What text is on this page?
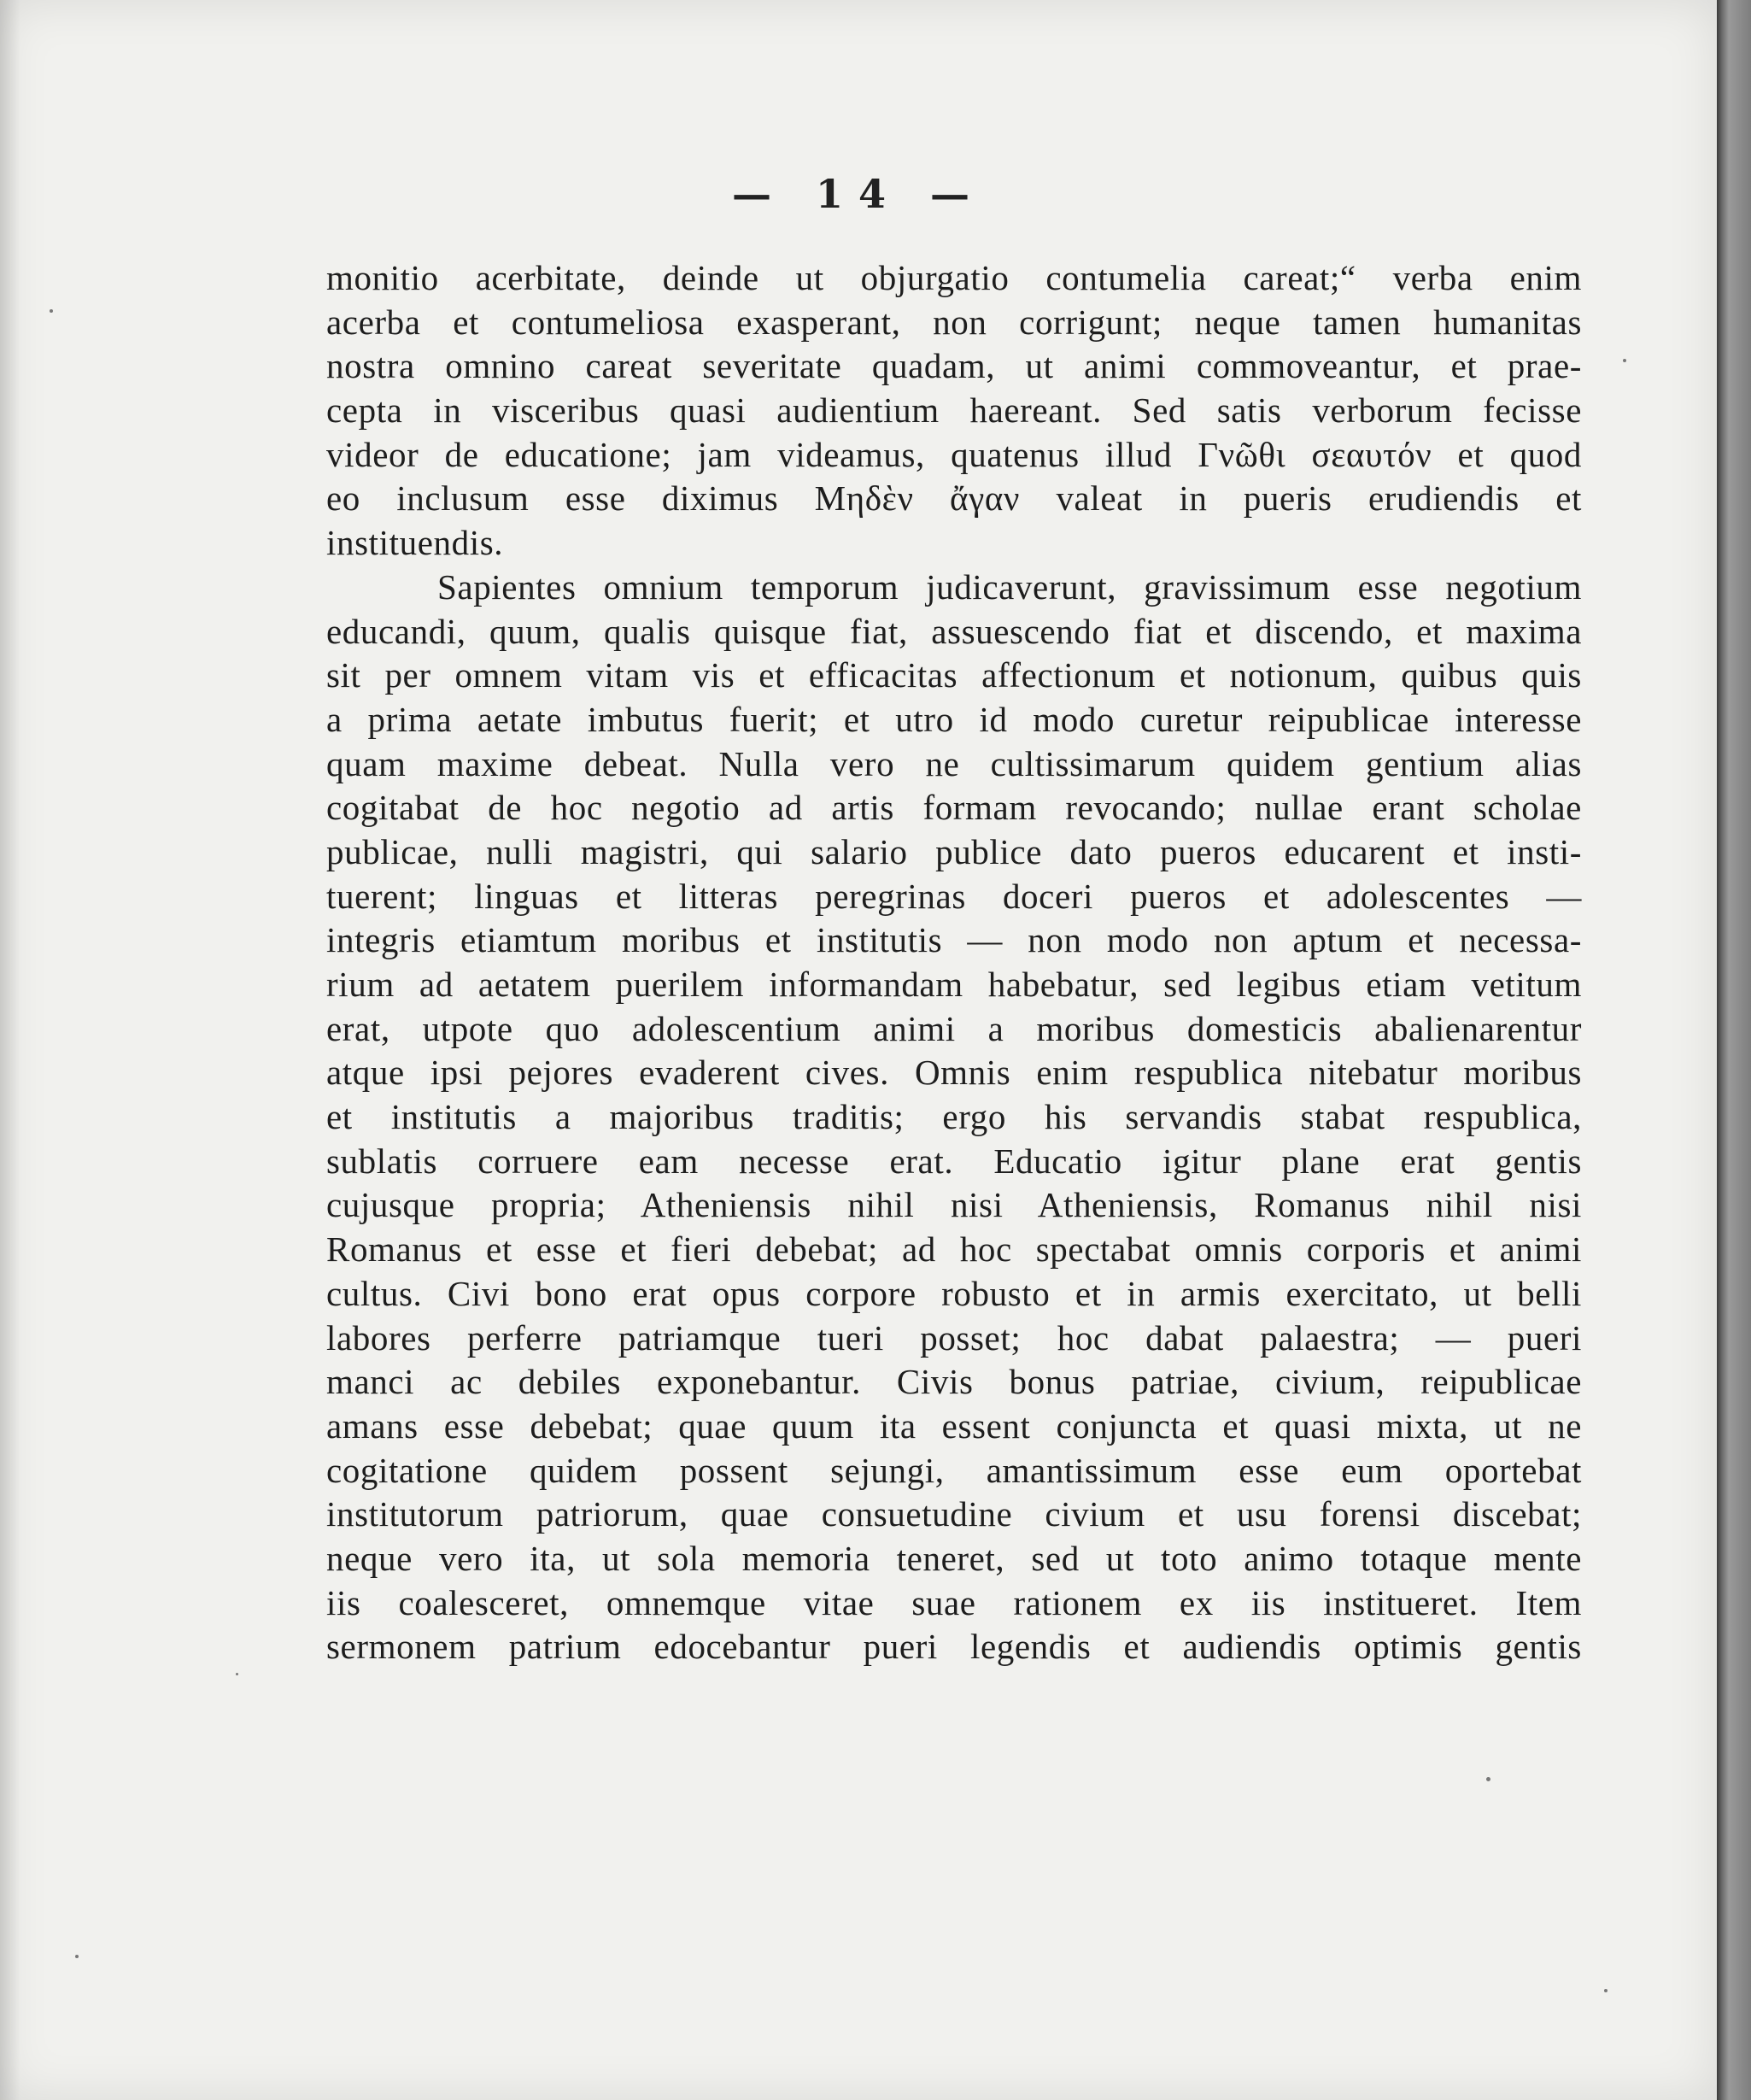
— 14 —
monitio acerbitate, deinde ut objurgatio contumelia careat;“ verba enim
acerba et contumeliosa exasperant, non corrigunt; neque tamen humanitas
nostra omnino careat severitate quadam, ut animi commoveantur, et prae-
cepta in visceribus quasi audientium haereant. Sed satis verborum fecisse
videor de educatione; jam videamus, quatenus illud Γνῶθι σεαυτόν et quod
eo inclusum esse diximus Μηδὲν ἄγαν valeat in pueris erudiendis et
instituendis.
Sapientes omnium temporum judicaverunt, gravissimum esse negotium
educandi, quum, qualis quisque fiat, assuescendo fiat et discendo, et maxima
sit per omnem vitam vis et efficacitas affectionum et notionum, quibus quis
a prima aetate imbutus fuerit; et utro id modo curetur reipublicae interesse
quam maxime debeat. Nulla vero ne cultissimarum quidem gentium alias
cogitabat de hoc negotio ad artis formam revocando; nullae erant scholae
publicae, nulli magistri, qui salario publice dato pueros educarent et insti-
tuerent; linguas et litteras peregrinas doceri pueros et adolescentes —
integris etiamtum moribus et institutis — non modo non aptum et necessa-
rium ad aetatem puerilem informandam habebatur, sed legibus etiam vetitum
erat, utpote quo adolescentium animi a moribus domesticis abalienarentur
atque ipsi pejores evaderent cives. Omnis enim respublica nitebatur moribus
et institutis a majoribus traditis; ergo his servandis stabat respublica,
sublatis corruere eam necesse erat. Educatio igitur plane erat gentis
cujusque propria; Atheniensis nihil nisi Atheniensis, Romanus nihil nisi
Romanus et esse et fieri debebat; ad hoc spectabat omnis corporis et animi
cultus. Civi bono erat opus corpore robusto et in armis exercitato, ut belli
labores perferre patriamque tueri posset; hoc dabat palaestra; — pueri
manci ac debiles exponebantur. Civis bonus patriae, civium, reipublicae
amans esse debebat; quae quum ita essent conjuncta et quasi mixta, ut ne
cogitatione quidem possent sejungi, amantissimum esse eum oportebat
institutorum patriorum, quae consuetudine civium et usu forensi discebat;
neque vero ita, ut sola memoria teneret, sed ut toto animo totaque mente
iis coalesceret, omnemque vitae suae rationem ex iis institueret. Item
sermonem patrium edocebantur pueri legendis et audiendis optimis gentis
